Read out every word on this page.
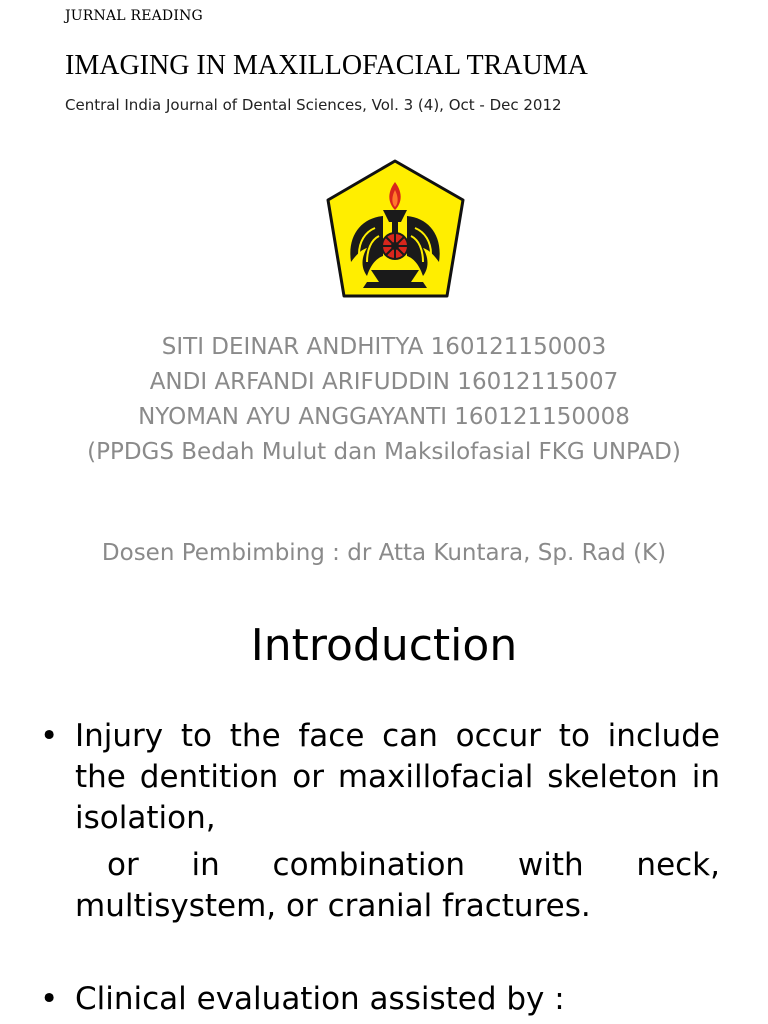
JURNAL READING
IMAGING IN MAXILLOFACIAL TRAUMA
Central India Journal of Dental Sciences, Vol. 3 (4), Oct - Dec 2012
SITI DEINAR ANDHITYA 160121150003
ANDI ARFANDI ARIFUDDIN 16012115007
NYOMAN AYU ANGGAYANTI 160121150008
(PPDGS Bedah Mulut dan Maksilofasial FKG UNPAD)
Dosen Pembimbing : dr Atta Kuntara, Sp. Rad (K)
Introduction
• Injury to the face can occur to include the dentition or maxillofacial skeleton in isolation,
or in combination with neck, multisystem, or cranial fractures.
• Clinical evaluation assisted by :
